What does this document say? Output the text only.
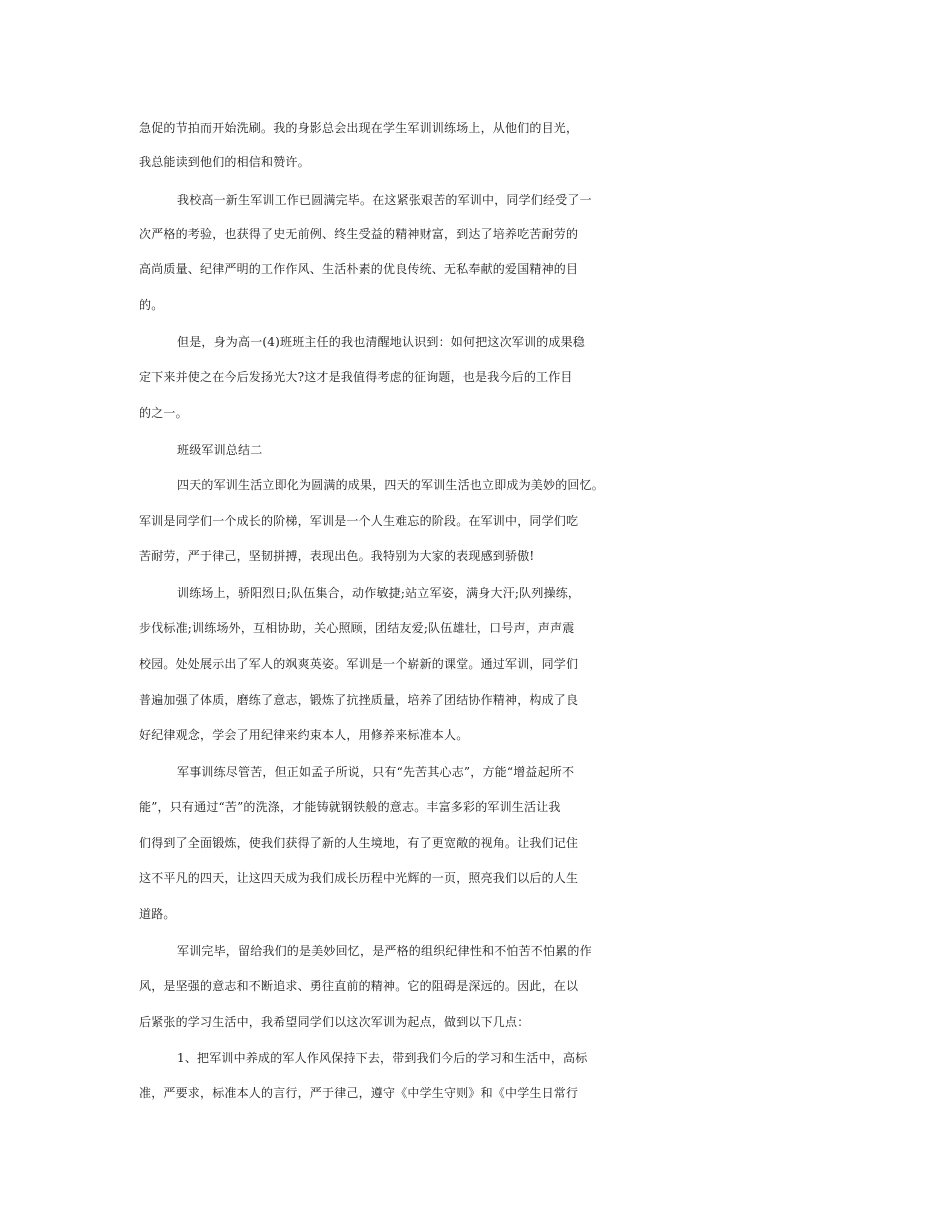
急促的节拍而开始洗刷。我的身影总会出现在学生军训训练场上，从他们的目光，
我总能读到他们的相信和赞许。
我校高一新生军训工作已圆满完毕。在这紧张艰苦的军训中，同学们经受了一
次严格的考验，也获得了史无前例、终生受益的精神财富，到达了培养吃苦耐劳的
高尚质量、纪律严明的工作作风、生活朴素的优良传统、无私奉献的爱国精神的目
的。
但是，身为高一(4)班班主任的我也清醒地认识到：如何把这次军训的成果稳
定下来并使之在今后发扬光大?这才是我值得考虑的征询题，也是我今后的工作目
的之一。
班级军训总结二
四天的军训生活立即化为圆满的成果，四天的军训生活也立即成为美妙的回忆。
军训是同学们一个成长的阶梯，军训是一个人生难忘的阶段。在军训中，同学们吃
苦耐劳，严于律己，坚韧拼搏，表现出色。我特别为大家的表现感到骄傲!
训练场上，骄阳烈日;队伍集合，动作敏捷;站立军姿，满身大汗;队列操练，
步伐标准;训练场外，互相协助，关心照顾，团结友爱;队伍雄壮，口号声，声声震
校园。处处展示出了军人的飒爽英姿。军训是一个崭新的课堂。通过军训，同学们
普遍加强了体质，磨练了意志，锻炼了抗挫质量，培养了团结协作精神，构成了良
好纪律观念，学会了用纪律来约束本人，用修养来标准本人。
军事训练尽管苦，但正如孟子所说，只有“先苦其心志”，方能“增益起所不
能”，只有通过“苦”的洗涤，才能铸就钢铁般的意志。丰富多彩的军训生活让我
们得到了全面锻炼，使我们获得了新的人生境地，有了更宽敞的视角。让我们记住
这不平凡的四天，让这四天成为我们成长历程中光辉的一页，照亮我们以后的人生
道路。
军训完毕，留给我们的是美妙回忆，是严格的组织纪律性和不怕苦不怕累的作
风，是坚强的意志和不断追求、勇往直前的精神。它的阻碍是深远的。因此，在以
后紧张的学习生活中，我希望同学们以这次军训为起点，做到以下几点：
1、把军训中养成的军人作风保持下去，带到我们今后的学习和生活中，高标
准，严要求，标准本人的言行，严于律己，遵守《中学生守则》和《中学生日常行
